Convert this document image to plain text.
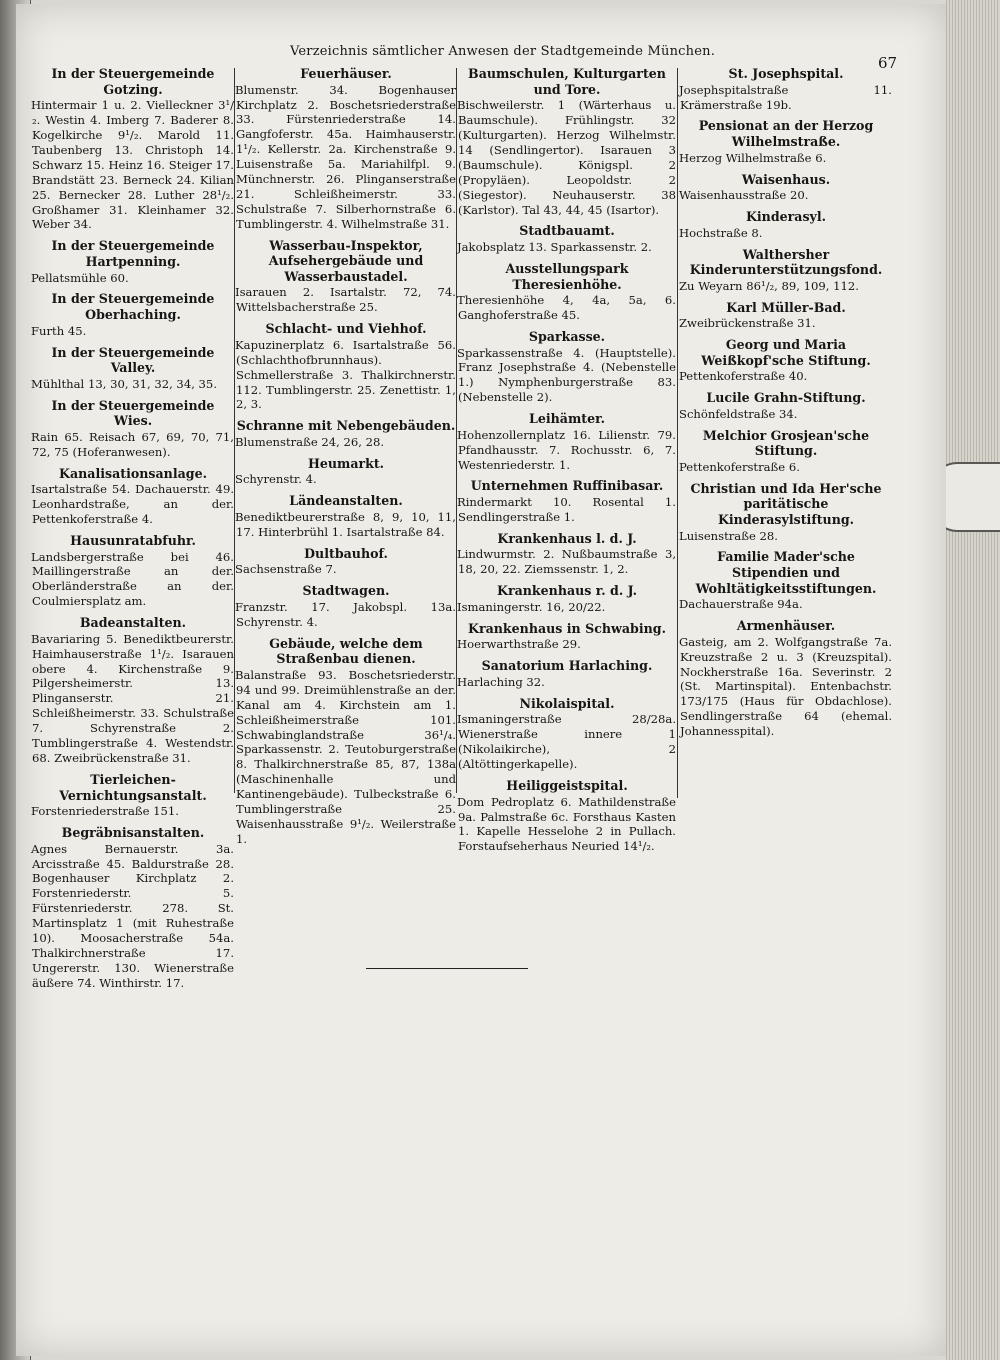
Verzeichnis sämtlicher Anwesen der Stadtgemeinde München.
67
In der Steuergemeinde Gotzing.
Hintermair 1 u. 2. Vielleckner 3¹/₂. Westin 4. Imberg 7. Baderer 8. Kogelkirche 9¹/₂. Marold 11. Taubenberg 13. Christoph 14. Schwarz 15. Heinz 16. Steiger 17. Brandstätt 23. Berneck 24. Kilian 25. Bernecker 28. Luther 28¹/₂. Großhamer 31. Kleinhamer 32. Weber 34.
In der Steuergemeinde Hartpenning.
Pellatsmühle 60.
In der Steuergemeinde Oberhaching.
Furth 45.
In der Steuergemeinde Valley.
Mühlthal 13, 30, 31, 32, 34, 35.
In der Steuergemeinde Wies.
Rain 65. Reisach 67, 69, 70, 71, 72, 75 (Hoferanwesen).
Kanalisationsanlage.
Isartalstraße 54. Dachauerstr. 49. Leonhardstraße, an der. Pettenkoferstraße 4.
Hausunratabfuhr.
Landsbergerstraße bei 46. Maillingerstraße an der. Oberländerstraße an der. Coulmiersplatz am.
Badeanstalten.
Bavariaring 5. Benediktbeurerstr. Haimhauserstraße 1¹/₂. Isarauen obere 4. Kirchenstraße 9. Pilgersheimerstr. 13. Plinganserstr. 21. Schleißheimerstr. 33. Schulstraße 7. Schyrenstraße 2. Tumblingerstraße 4. Westendstr. 68. Zweibrückenstraße 31.
Tierleichen-Vernichtungsanstalt.
Forstenriederstraße 151.
Begräbnisanstalten.
Agnes Bernauerstr. 3a. Arcisstraße 45. Baldurstraße 28. Bogenhauser Kirchplatz 2. Forstenriederstr. 5. Fürstenriederstr. 278. St. Martinsplatz 1 (mit Ruhestraße 10). Moosacherstraße 54a. Thalkirchnerstraße 17. Ungererstr. 130. Wienerstraße äußere 74. Winthirstr. 17.
Feuerhäuser.
Blumenstr. 34. Bogenhauser Kirchplatz 2. Boschetsriederstraße 33. Fürstenriederstraße 14. Gangfoferstr. 45a. Haimhauserstr. 1¹/₂. Kellerstr. 2a. Kirchenstraße 9. Luisenstraße 5a. Mariahilfpl. 9. Münchnerstr. 26. Plinganserstraße 21. Schleißheimerstr. 33. Schulstraße 7. Silberhornstraße 6. Tumblingerstr. 4. Wilhelmstraße 31.
Wasserbau-Inspektor, Aufsehergebäude und Wasserbaustadel.
Isarauen 2. Isartalstr. 72, 74. Wittelsbacherstraße 25.
Schlacht- und Viehhof.
Kapuzinerplatz 6. Isartalstraße 56. (Schlachthofbrunnhaus). Schmellerstraße 3. Thalkirchnerstr. 112. Tumblingerstr. 25. Zenettistr. 1, 2, 3.
Schranne mit Nebengebäuden.
Blumenstraße 24, 26, 28.
Heumarkt.
Schyrenstr. 4.
Ländeanstalten.
Benediktbeurerstraße 8, 9, 10, 11, 17. Hinterbrühl 1. Isartalstraße 84.
Dultbauhof.
Sachsenstraße 7.
Stadtwagen.
Franzstr. 17. Jakobspl. 13a. Schyrenstr. 4.
Gebäude, welche dem Straßenbau dienen.
Balanstraße 93. Boschetsriederstr. 94 und 99. Dreimühlenstraße an der. Kanal am 4. Kirchstein am 1. Schleißheimerstraße 101. Schwabinglandstraße 36¹/₄. Sparkassenstr. 2. Teutoburgerstraße 8. Thalkirchnerstraße 85, 87, 138a (Maschinenhalle und Kantinengebäude). Tulbeckstraße 6. Tumblingerstraße 25. Waisenhausstraße 9¹/₂. Weilerstraße 1.
Baumschulen, Kulturgarten und Tore.
Bischweilerstr. 1 (Wärterhaus u. Baumschule). Frühlingstr. 32 (Kulturgarten). Herzog Wilhelmstr. 14 (Sendlingertor). Isarauen 3 (Baumschule). Königspl. 2 (Propyläen). Leopoldstr. 2 (Siegestor). Neuhauserstr. 38 (Karlstor). Tal 43, 44, 45 (Isartor).
Stadtbauamt.
Jakobsplatz 13. Sparkassenstr. 2.
Ausstellungspark Theresienhöhe.
Theresienhöhe 4, 4a, 5a, 6. Ganghoferstraße 45.
Sparkasse.
Sparkassenstraße 4. (Hauptstelle). Franz Josephstraße 4. (Nebenstelle 1.) Nymphenburgerstraße 83. (Nebenstelle 2).
Leihämter.
Hohenzollernplatz 16. Lilienstr. 79. Pfandhausstr. 7. Rochusstr. 6, 7. Westenriederstr. 1.
Unternehmen Ruffinibasar.
Rindermarkt 10. Rosental 1. Sendlingerstraße 1.
Krankenhaus l. d. J.
Lindwurmstr. 2. Nußbaumstraße 3, 18, 20, 22. Ziemssenstr. 1, 2.
Krankenhaus r. d. J.
Ismaningerstr. 16, 20/22.
Krankenhaus in Schwabing.
Hoerwarthstraße 29.
Sanatorium Harlaching.
Harlaching 32.
Nikolaispital.
Ismaningerstraße 28/28a. Wienerstraße innere 1 (Nikolaikirche), 2 (Altöttingerkapelle).
Heiliggeistspital.
Dom Pedroplatz 6. Mathildenstraße 9a. Palmstraße 6c. Forsthaus Kasten 1. Kapelle Hesselohe 2 in Pullach. Forstaufseherhaus Neuried 14¹/₂.
St. Josephspital.
Josephspitalstraße 11. Krämerstraße 19b.
Pensionat an der Herzog Wilhelmstraße.
Herzog Wilhelmstraße 6.
Waisenhaus.
Waisenhausstraße 20.
Kinderasyl.
Hochstraße 8.
Walthersher Kinderunterstützungsfond.
Zu Weyarn 86¹/₂, 89, 109, 112.
Karl Müller-Bad.
Zweibrückenstraße 31.
Georg und Maria Weißkopf'sche Stiftung.
Pettenkoferstraße 40.
Lucile Grahn-Stiftung.
Schönfeldstraße 34.
Melchior Grosjean'sche Stiftung.
Pettenkoferstraße 6.
Christian und Ida Her'sche paritätische Kinderasylstiftung.
Luisenstraße 28.
Familie Mader'sche Stipendien und Wohltätigkeitsstiftungen.
Dachauerstraße 94a.
Armenhäuser.
Gasteig, am 2. Wolfgangstraße 7a. Kreuzstraße 2 u. 3 (Kreuzspital). Nockherstraße 16a. Severinstr. 2 (St. Martinspital). Entenbachstr. 173/175 (Haus für Obdachlose). Sendlingerstraße 64 (ehemal. Johannesspital).
